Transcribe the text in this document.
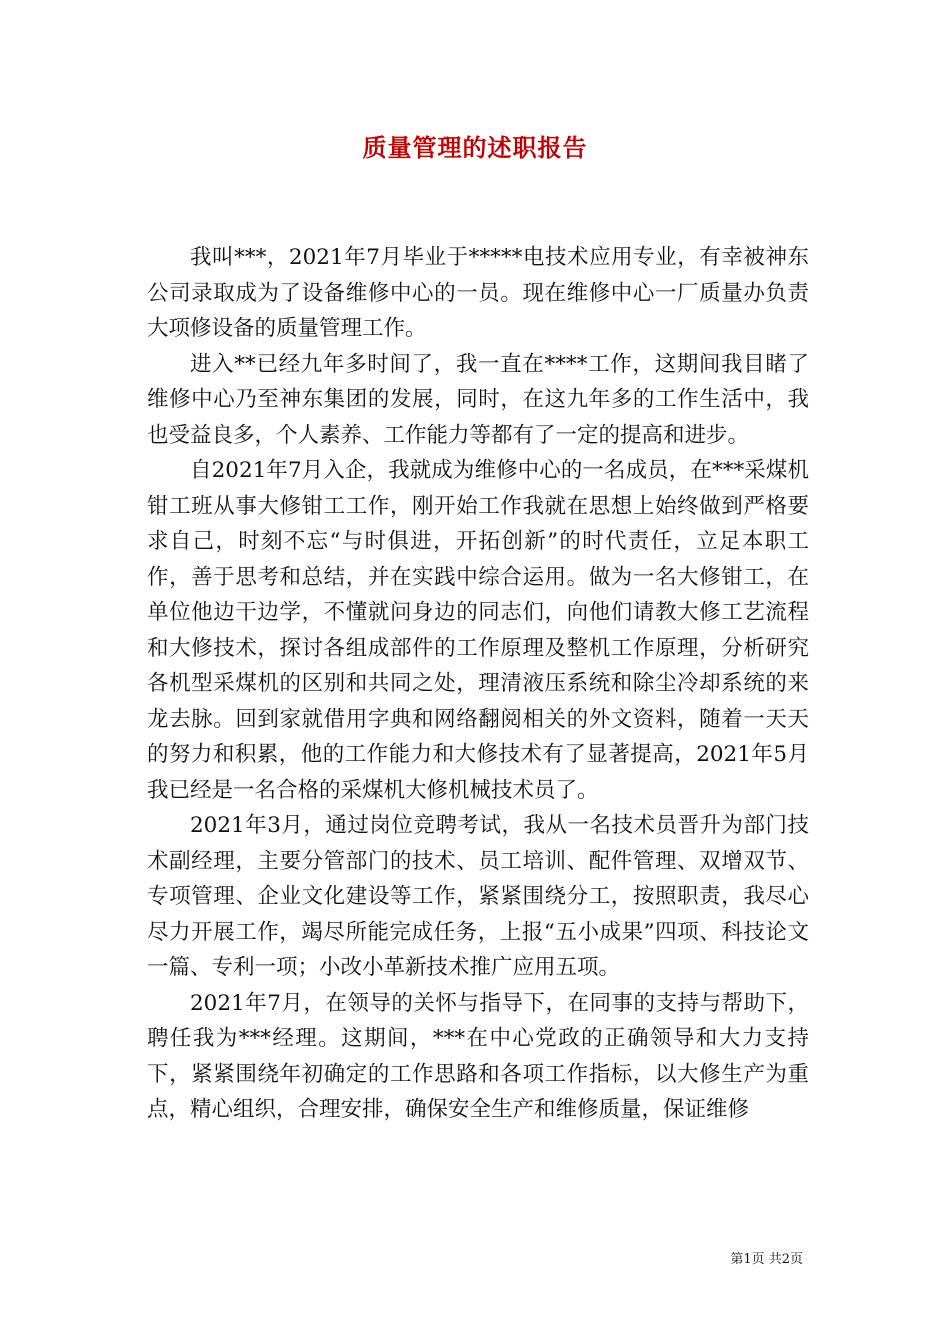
质量管理的述职报告

我叫***，2021年7月毕业于*****电技术应用专业，有幸被神东公司录取成为了设备维修中心的一员。现在维修中心一厂质量办负责大项修设备的质量管理工作。

进入**已经九年多时间了，我一直在****工作，这期间我目睹了维修中心乃至神东集团的发展，同时，在这九年多的工作生活中，我也受益良多，个人素养、工作能力等都有了一定的提高和进步。

自2021年7月入企，我就成为维修中心的一名成员，在***采煤机钳工班从事大修钳工工作，刚开始工作我就在思想上始终做到严格要求自己，时刻不忘“与时俱进，开拓创新”的时代责任，立足本职工作，善于思考和总结，并在实践中综合运用。做为一名大修钳工，在单位他边干边学，不懂就问身边的同志们，向他们请教大修工艺流程和大修技术，探讨各组成部件的工作原理及整机工作原理，分析研究各机型采煤机的区别和共同之处，理清液压系统和除尘冷却系统的来龙去脉。回到家就借用字典和网络翻阅相关的外文资料，随着一天天的努力和积累，他的工作能力和大修技术有了显著提高，2021年5月我已经是一名合格的采煤机大修机械技术员了。

2021年3月，通过岗位竞聘考试，我从一名技术员晋升为部门技术副经理，主要分管部门的技术、员工培训、配件管理、双增双节、专项管理、企业文化建设等工作，紧紧围绕分工，按照职责，我尽心尽力开展工作，竭尽所能完成任务，上报“五小成果”四项、科技论文一篇、专利一项；小改小革新技术推广应用五项。

2021年7月，在领导的关怀与指导下，在同事的支持与帮助下，聘任我为***经理。这期间，***在中心党政的正确领导和大力支持下，紧紧围绕年初确定的工作思路和各项工作指标，以大修生产为重点，精心组织，合理安排，确保安全生产和维修质量，保证维修

第1页 共2页
